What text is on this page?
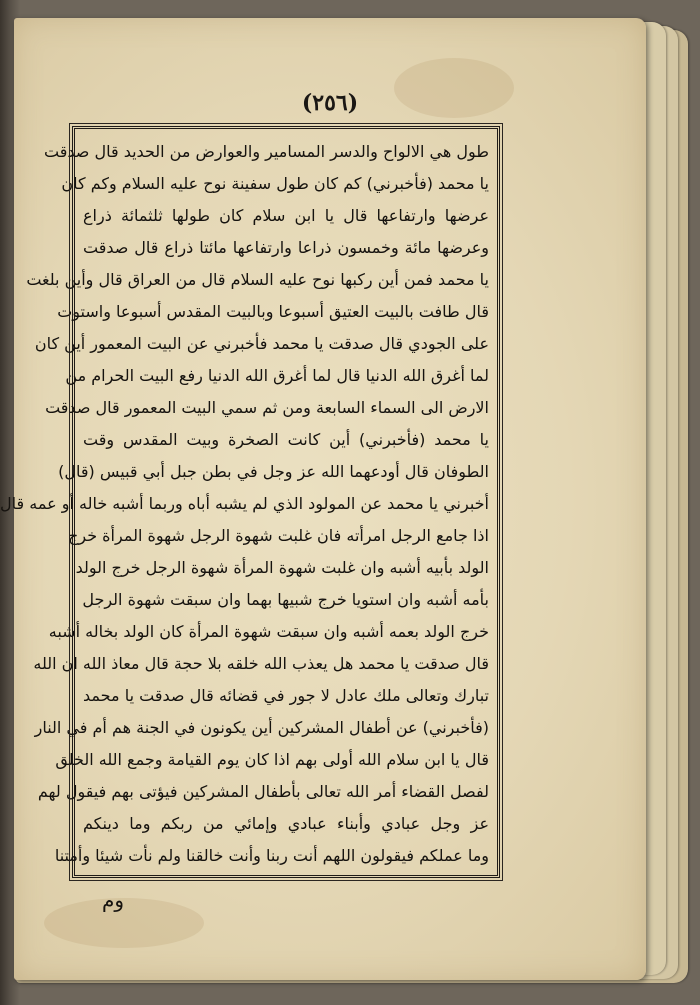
(٢٥٦)
طول هي الالواح والدسر المسامير والعوارض من الحديد قال صدقت
يا محمد (فأخبرني) كم كان طول سفينة نوح عليه السلام وكم كان
عرضها وارتفاعها قال يا ابن سلام كان طولها ثلثمائة ذراع
وعرضها مائة وخمسون ذراعا وارتفاعها مائتا ذراع قال صدقت
يا محمد فمن أين ركبها نوح عليه السلام قال من العراق قال وأين بلغت
قال طافت بالبيت العتيق أسبوعا وبالبيت المقدس أسبوعا واستوت
على الجودي قال صدقت يا محمد فأخبرني عن البيت المعمور أين كان
لما أغرق الله الدنيا قال لما أغرق الله الدنيا رفع البيت الحرام من
الارض الى السماء السابعة ومن ثم سمي البيت المعمور قال صدقت
يا محمد (فأخبرني) أين كانت الصخرة وبيت المقدس وقت
الطوفان قال أودعهما الله عز وجل في بطن جبل أبي قبيس (قال)
أخبرني يا محمد عن المولود الذي لم يشبه أباه وربما أشبه خاله أو عمه قال
اذا جامع الرجل امرأته فان غلبت شهوة الرجل شهوة المرأة خرج
الولد بأبيه أشبه وان غلبت شهوة المرأة شهوة الرجل خرج الولد
بأمه أشبه وان استويا خرج شبيها بهما وان سبقت شهوة الرجل
خرج الولد بعمه أشبه وان سبقت شهوة المرأة كان الولد بخاله أشبه
قال صدقت يا محمد هل يعذب الله خلقه بلا حجة قال معاذ الله ان الله
تبارك وتعالى ملك عادل لا جور في قضائه قال صدقت يا محمد
(فأخبرني) عن أطفال المشركين أين يكونون في الجنة هم أم في النار
قال يا ابن سلام الله أولى بهم اذا كان يوم القيامة وجمع الله الخلق
لفصل القضاء أمر الله تعالى بأطفال المشركين فيؤتى بهم فيقول لهم
عز وجل عبادي وأبناء عبادي وإمائي من ربكم وما دينكم
وما عملكم فيقولون اللهم أنت ربنا وأنت خالقنا ولم نأت شيئا وأمتنا
وم
